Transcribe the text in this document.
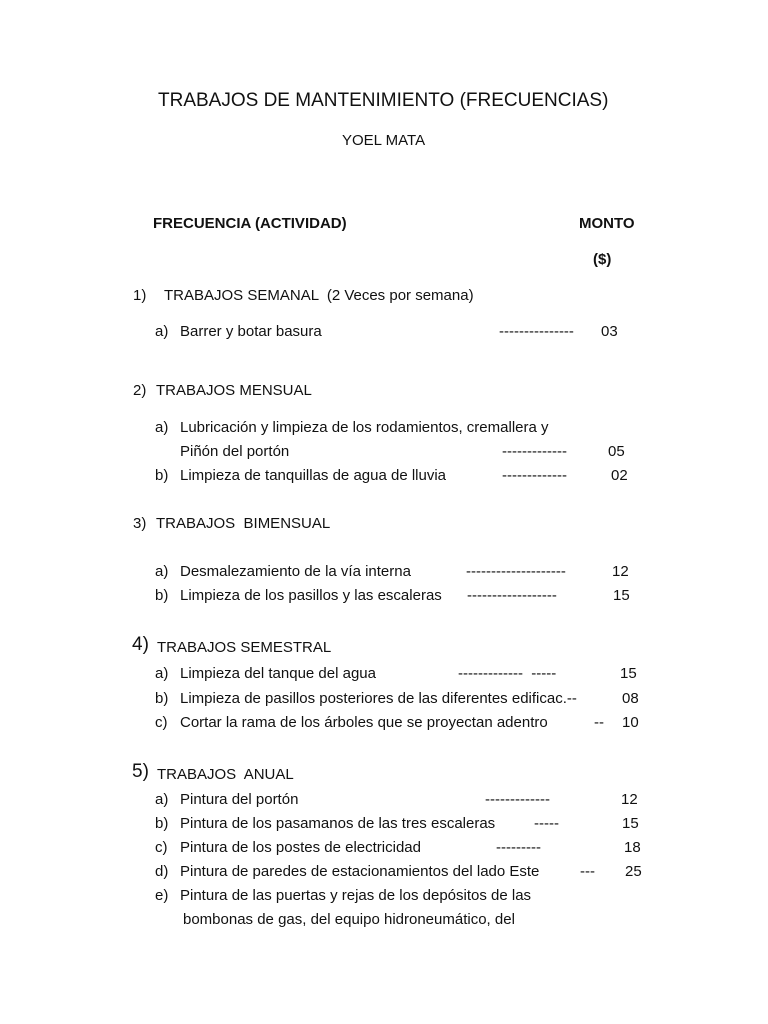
TRABAJOS DE MANTENIMIENTO (FRECUENCIAS)
YOEL MATA
FRECUENCIA (ACTIVIDAD)	MONTO
($)
1) TRABAJOS SEMANAL  (2 Veces por semana)
a) Barrer y botar basura	--------------- 03
2) TRABAJOS MENSUAL
a) Lubricación y limpieza de los rodamientos, cremallera y
Piñón del portón	-------------	05
b) Limpieza de tanquillas de agua de lluvia	-------------	02
3) TRABAJOS  BIMENSUAL
a) Desmalezamiento de la vía interna	--------------------	12
b) Limpieza de los pasillos y las escaleras ------------------	15
4) TRABAJOS SEMESTRAL
a) Limpieza del tanque del agua	-------------  -----	15
b) Limpieza de pasillos posteriores de las diferentes edificac.--	08
c) Cortar la rama de los árboles que se proyectan adentro	-- 10
5) TRABAJOS  ANUAL
a) Pintura del portón	-------------	12
b) Pintura de los pasamanos de las tres escaleras	-----	15
c) Pintura de los postes de electricidad	---------	18
d) Pintura de paredes de estacionamientos del lado Este	--- 25
e) Pintura de las puertas y rejas de los depósitos de las
bombonas de gas, del equipo hidroneumático, del
